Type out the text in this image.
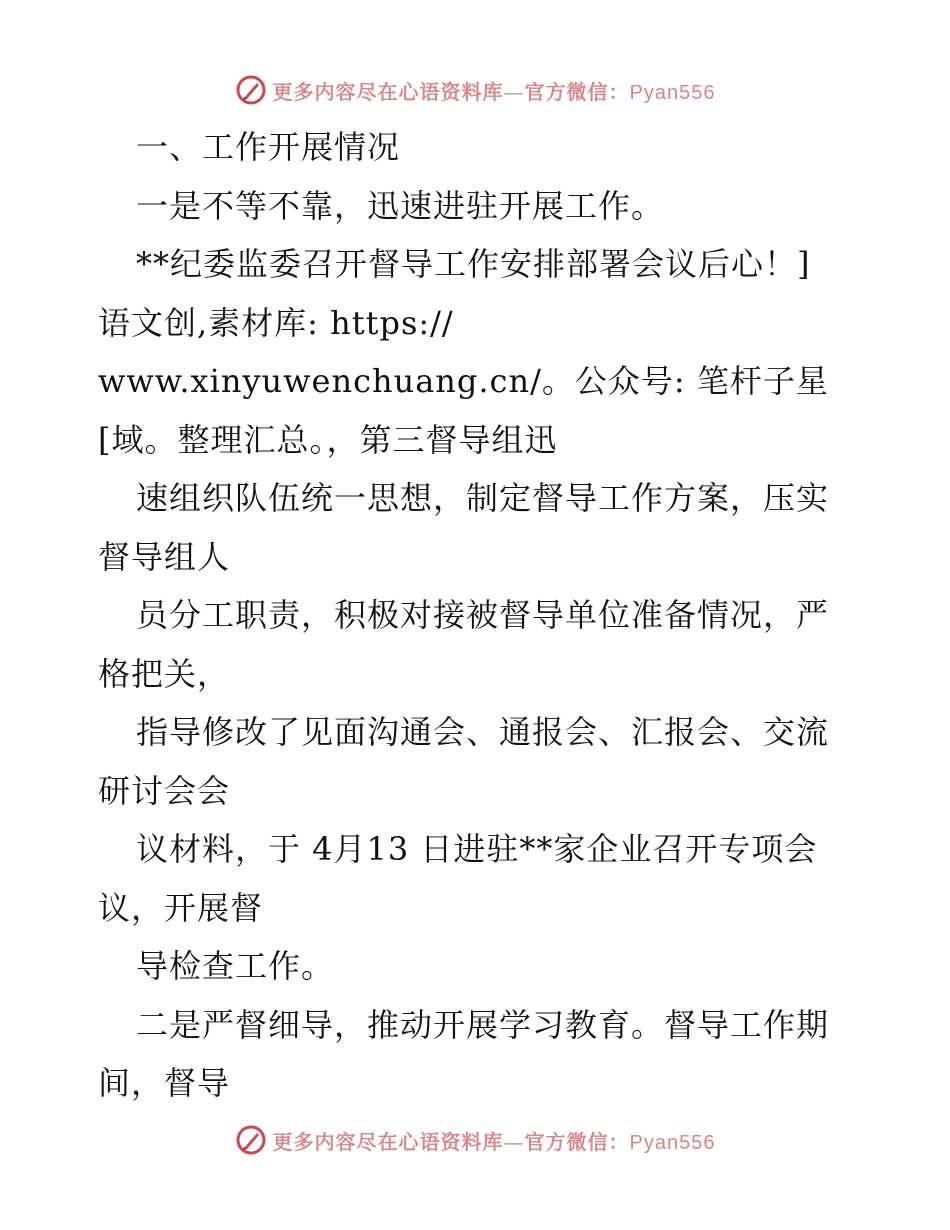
更多内容尽在心语资料库—官方微信：Pyan556
一、工作开展情况
一是不等不靠，迅速进驻开展工作。
**纪委监委召开督导工作安排部署会议后心！]
语文创,素材库: https://
www.xinyuwenchuang.cn/。公众号: 笔杆子星
[域。整理汇总。，第三督导组迅
速组织队伍统一思想，制定督导工作方案，压实
督导组人
员分工职责，积极对接被督导单位准备情况，严
格把关，
指导修改了见面沟通会、通报会、汇报会、交流
研讨会会
议材料，于 4月13 日进驻**家企业召开专项会
议，开展督
导检查工作。
二是严督细导，推动开展学习教育。督导工作期
间，督导
更多内容尽在心语资料库—官方微信：Pyan556
